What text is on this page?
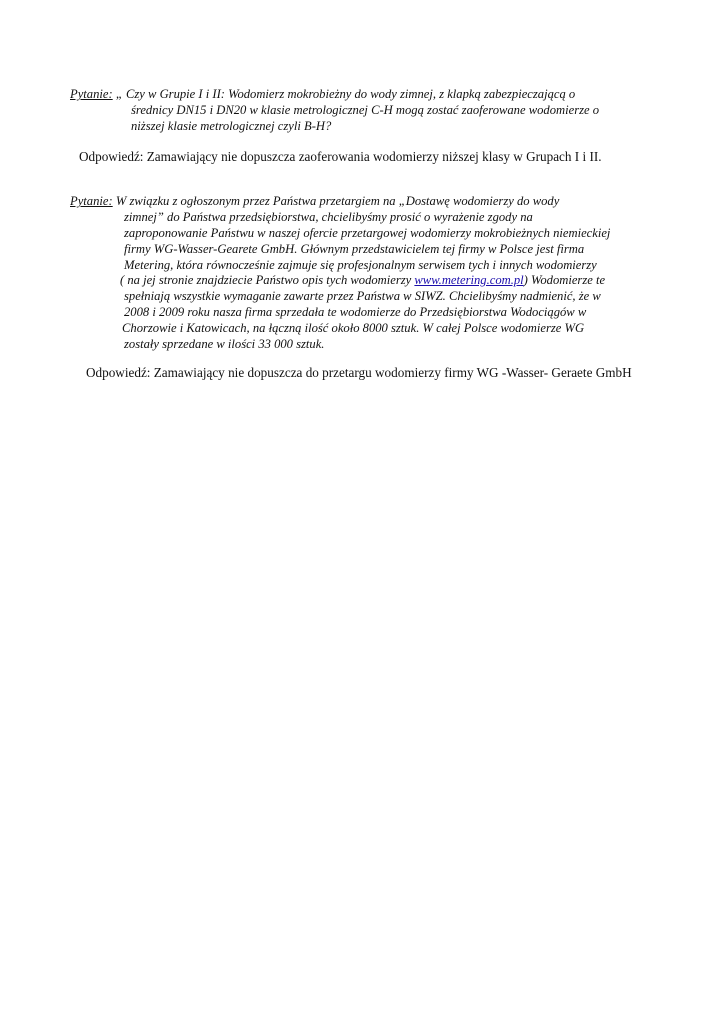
Pytanie: „ Czy w Grupie I i II: Wodomierz mokrobieżny do wody zimnej, z klapką zabezpieczającą o
średnicy DN15 i DN20 w klasie metrologicznej C-H mogą zostać zaoferowane wodomierze o
niższej klasie metrologicznej czyli B-H?
Odpowiedź: Zamawiający nie dopuszcza zaoferowania wodomierzy niższej klasy w Grupach I i II.
Pytanie: W związku z ogłoszonym przez Państwa przetargiem na „Dostawę wodomierzy do wody
zimnej” do Państwa przedsiębiorstwa, chcielibyśmy prosić o wyrażenie zgody na
zaproponowanie Państwu w naszej ofercie przetargowej wodomierzy mokrobieżnych niemieckiej
firmy WG-Wasser-Gearete GmbH. Głównym przedstawicielem tej firmy w Polsce jest firma
Metering, która równocześnie zajmuje się profesjonalnym serwisem tych i innych wodomierzy
( na jej stronie znajdziecie Państwo opis tych wodomierzy www.metering.com.pl) Wodomierze te
spełniają wszystkie wymaganie zawarte przez Państwa w SIWZ. Chcielibyśmy nadmienić, że w
2008 i 2009 roku nasza firma sprzedała te wodomierze do Przedsiębiorstwa Wodociągów w
Chorzowie i Katowicach, na łączną ilość około 8000 sztuk. W całej Polsce wodomierze WG
zostały sprzedane w ilości 33 000 sztuk.
Odpowiedź: Zamawiający nie dopuszcza do przetargu wodomierzy firmy WG -Wasser- Geraete GmbH
